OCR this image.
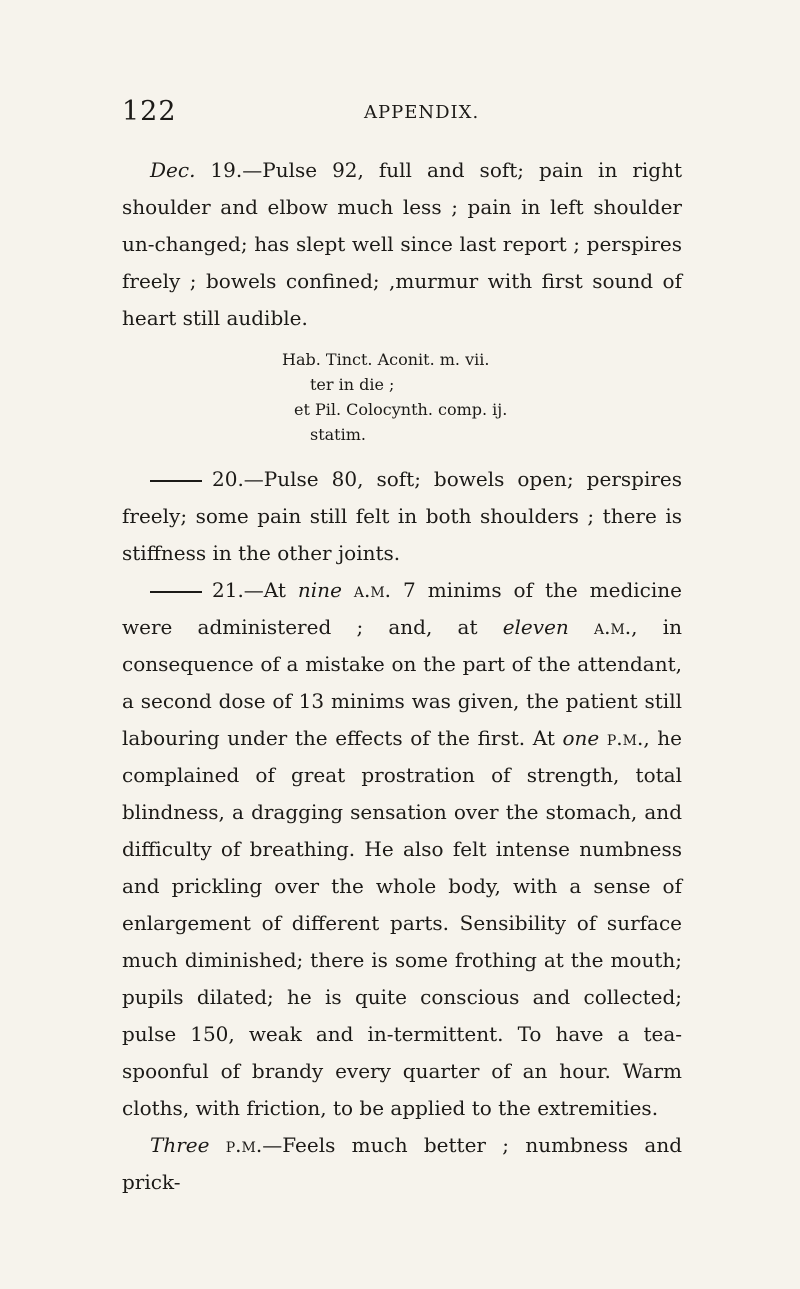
122	APPENDIX.

Dec. 19.—Pulse 92, full and soft; pain in right shoulder and elbow much less ; pain in left shoulder un-changed; has slept well since last report ; perspires freely ; bowels confined; ,murmur with first sound of heart still audible.

Hab. Tinct. Aconit. m. vii.
ter in die ;
et Pil. Colocynth. comp. ij.
statim.

20.—Pulse 80, soft; bowels open; perspires freely; some pain still felt in both shoulders ; there is stiffness in the other joints.

21.—At nine a.m. 7 minims of the medicine were administered ; and, at eleven a.m., in consequence of a mistake on the part of the attendant, a second dose of 13 minims was given, the patient still labouring under the effects of the first. At one p.m., he complained of great prostration of strength, total blindness, a dragging sensation over the stomach, and difficulty of breathing. He also felt intense numbness and prickling over the whole body, with a sense of enlargement of different parts. Sensibility of surface much diminished; there is some frothing at the mouth; pupils dilated; he is quite conscious and collected; pulse 150, weak and in-termittent. To have a tea-spoonful of brandy every quarter of an hour. Warm cloths, with friction, to be applied to the extremities.

Three p.m.—Feels much better ; numbness and prick-
